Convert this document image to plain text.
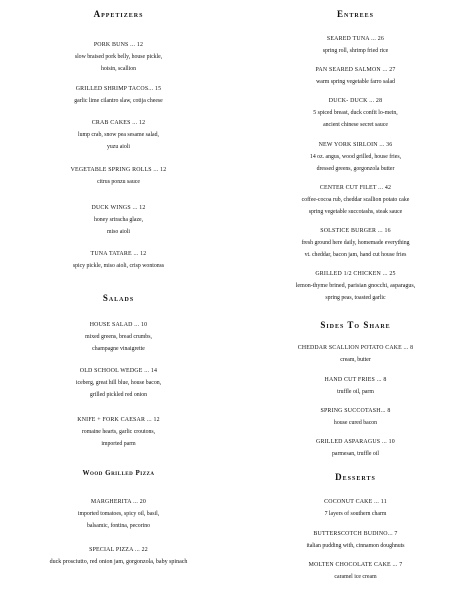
Appetizers
PORK BUNS ... 12
slow braised pork belly, house pickle,
hoisin, scallion
GRILLED SHRIMP TACOS... 15
garlic lime cilantro slaw, cotija cheese
CRAB CAKES ... 12
lump crab, snow pea sesame salad,
yuzu aioli
VEGETABLE SPRING ROLLS ... 12
citrus ponzu sauce
DUCK WINGS ... 12
honey sriracha glaze,
miso aioli
TUNA TATARE ... 12
spicy pickle, miso aioli, crisp wontonss
Salads
HOUSE SALAD ... 10
mixed greens, bread crumbs,
champagne vinaigrette
OLD SCHOOL WEDGE ... 14
iceberg, great hill blue, house bacon,
grilled pickled red onion
KNIFE + FORK CAESAR ... 12
romaine hearts, garlic croutons,
imported parm
Wood Grilled Pizza
MARGHERITA ... 20
imported tomatoes, spicy oil, basil,
balsamic, fontina, pecorino
SPECIAL PIZZA ... 22
duck prosciutto, red onion jam, gorgonzola, baby spinach
Entrees
SEARED TUNA ... 26
spring roll, shrimp fried rice
PAN SEARED SALMON ... 27
warm spring vegetable farro salad
DUCK- DUCK ... 28
5 spiced breast, duck confit lo-mein,
ancient chinese secret sauce
NEW YORK SIRLOIN ... 36
14 oz. angus, wood grilled, house fries,
dressed greens, gorgonzola butter
CENTER CUT FILET ... 42
coffee-cocoa rub, cheddar scallion potato cake
spring vegetable succotashs, steak sauce
SOLSTICE BURGER ... 16
fresh ground here daily, homemade everything
vt. cheddar, bacon jam, hand cut house fries
GRILLED 1/2 CHICKEN ... 25
lemon-thyme brined, parisian gnocchi, asparagus,
spring peas, toasted garlic
Sides To Share
CHEDDAR SCALLION POTATO CAKE ... 8
cream, butter
HAND CUT FRIES ... 8
truffle oil, parm
SPRING SUCCOTASH... 8
house cured bacon
GRILLED ASPARAGUS ... 10
parmesan, truffle oil
Desserts
COCONUT CAKE ... 11
7 layers of southern charm
BUTTERSCOTCH BUDINO... 7
italian pudding with, cinnamon doughnuts
MOLTEN CHOCOLATE CAKE ... 7
caramel ice cream
